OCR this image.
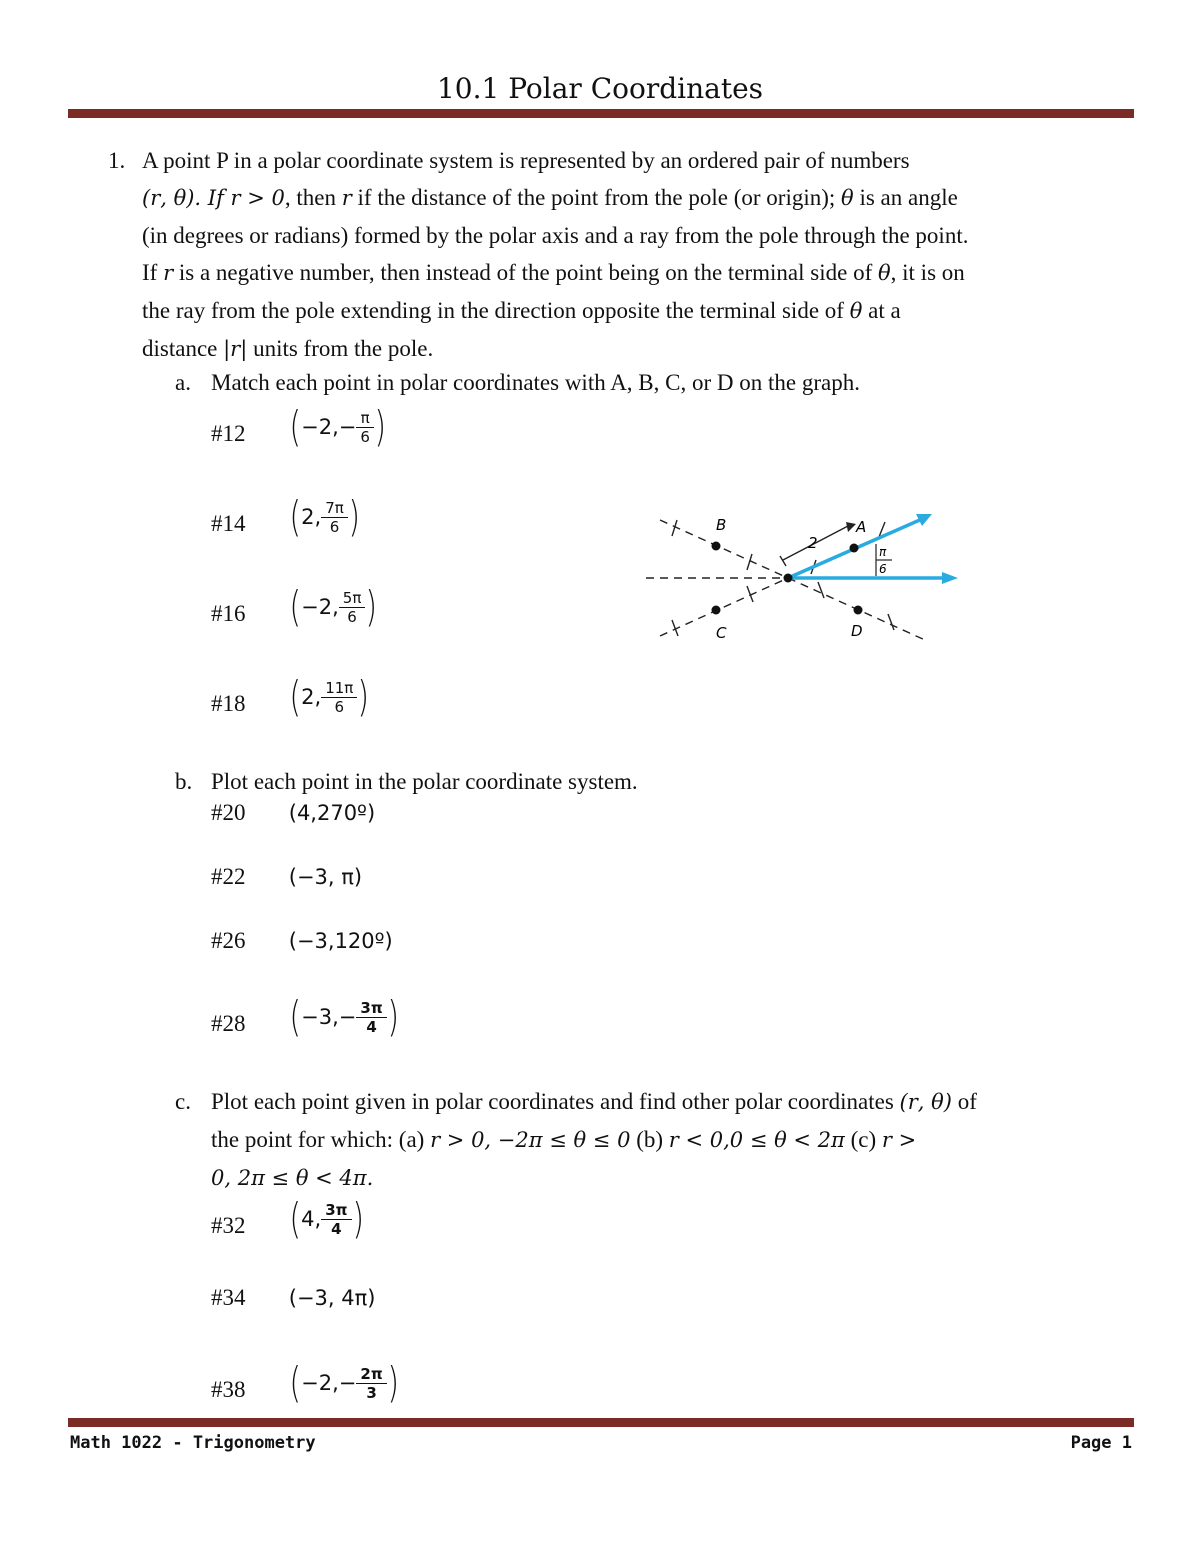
10.1 Polar Coordinates
1. A point P in a polar coordinate system is represented by an ordered pair of numbers
(𝑟, 𝜃). If 𝑟 > 0, then 𝑟 if the distance of the point from the pole (or origin); 𝜃 is an angle
(in degrees or radians) formed by the polar axis and a ray from the pole through the point.
If 𝑟 is a negative number, then instead of the point being on the terminal side of 𝜃, it is on
the ray from the pole extending in the direction opposite the terminal side of 𝜃 at a
distance |𝑟| units from the pole.
a. Match each point in polar coordinates with A, B, C, or D on the graph.
#12 ( −2, − $\frac{\pi}{6}$ )
#14 ( 2, $\frac{7\pi}{6}$ )
#16 ( −2, $\frac{5\pi}{6}$ )
#18 ( 2, $\frac{11\pi}{6}$ )
B
C
A
D
2	π
6
b. Plot each point in the polar coordinate system.
#20 (4,270º)
#22 (−3, π)
#26 (−3,120º)
#28 ( −3, − $\frac{3\pi}{4}$ )
c. Plot each point given in polar coordinates and find other polar coordinates (𝑟, 𝜃) of
the point for which: (a) 𝑟 > 0, −2𝜋 ≤ 𝜃 ≤ 0 (b) 𝑟 < 0,0 ≤ 𝜃 < 2𝜋 (c) 𝑟 >
0, 2𝜋 ≤ 𝜃 < 4𝜋.
#32 ( 4, $\frac{3\pi}{4}$ )
#34 (−3, 4π)
#38 ( −2, − $\frac{2\pi}{3}$ )
Math 1022 - Trigonometry	Page 1
